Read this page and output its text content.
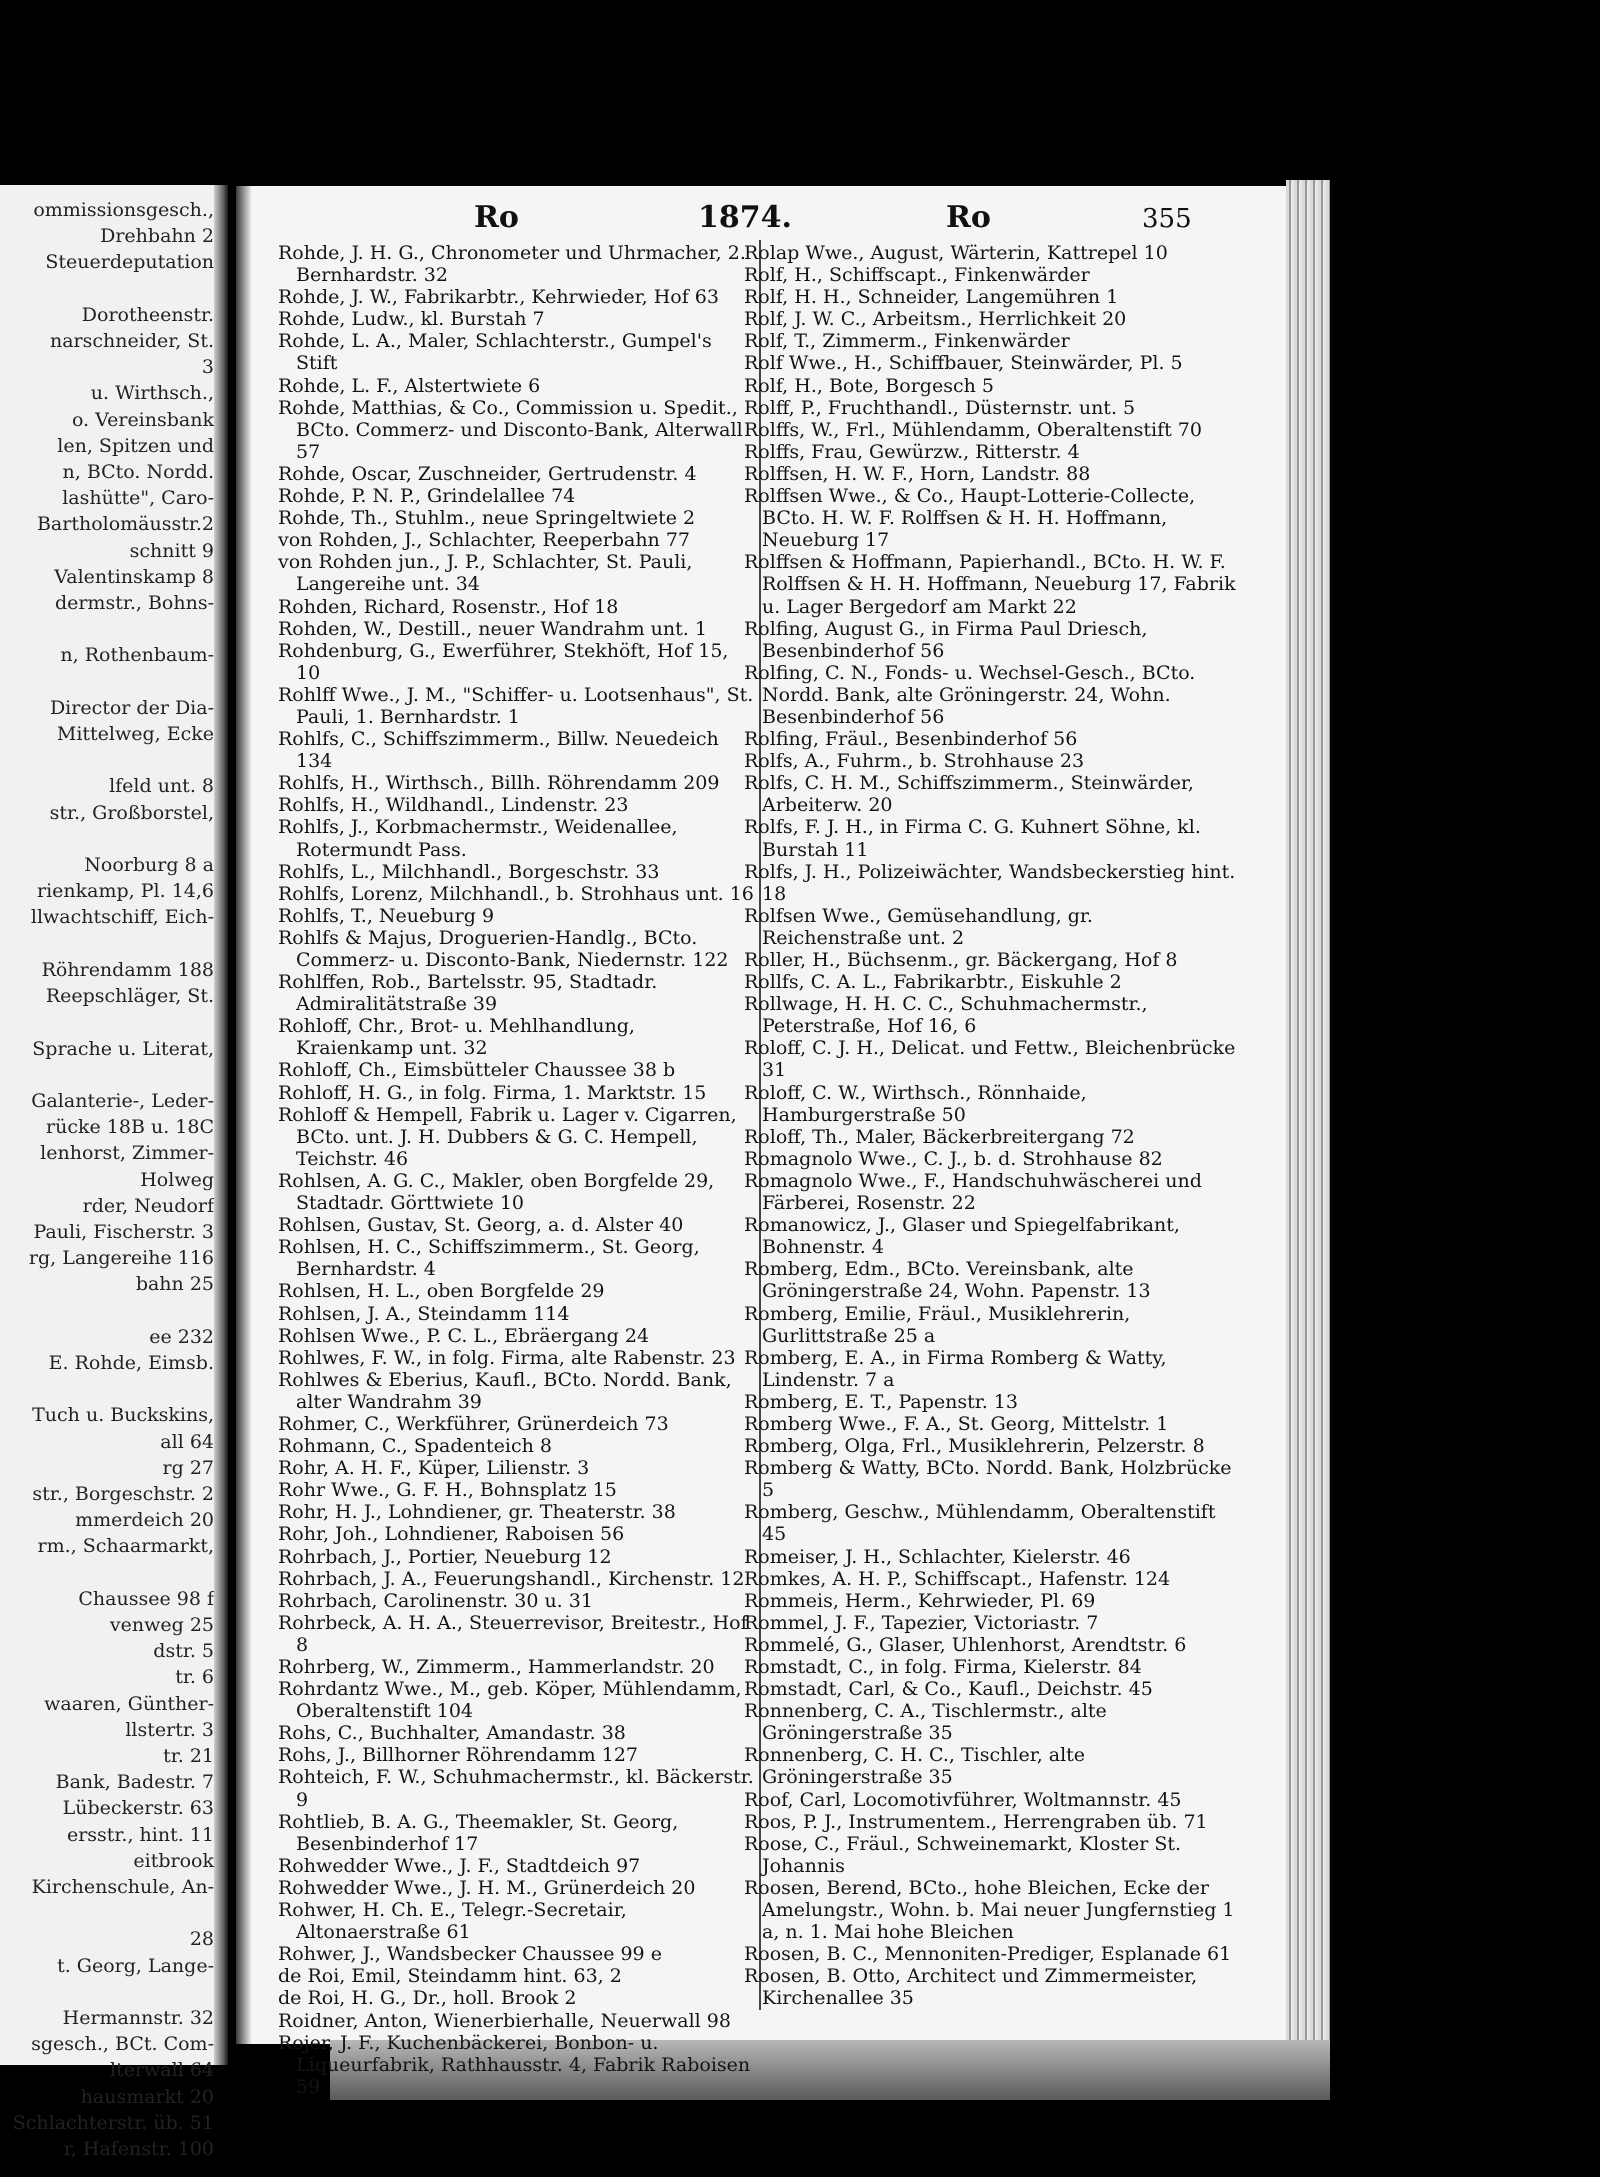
ommissionsgesch.,
Drehbahn 2
Steuerdeputation

Dorotheenstr.
narschneider, St.
3
u. Wirthsch.,
o. Vereinsbank
len, Spitzen und
n, BCto. Nordd.
lashütte", Caro-
Bartholomäusstr.2
schnitt 9
Valentinskamp 8
dermstr., Bohns-

n, Rothenbaum-

Director der Dia-
Mittelweg, Ecke

lfeld unt. 8
str., Großborstel,

Noorburg 8 a
rienkamp, Pl. 14,6
llwachtschiff, Eich-

Röhrendamm 188
Reepschläger, St.

Sprache u. Literat,

Galanterie-, Leder-
rücke 18B u. 18C
lenhorst, Zimmer-
Holweg
rder, Neudorf
Pauli, Fischerstr. 3
rg, Langereihe 116
bahn 25

ee 232
E. Rohde, Eimsb.

Tuch u. Buckskins,
all 64
rg 27
str., Borgeschstr. 2
mmerdeich 20
rm., Schaarmarkt,

Chaussee 98 f
venweg 25
dstr. 5
tr. 6
waaren, Günther-
llstertr. 3
tr. 21
Bank, Badestr. 7
Lübeckerstr. 63
ersstr., hint. 11
eitbrook
Kirchenschule, An-

28
t. Georg, Lange-

Hermannstr. 32
sgesch., BCt. Com-
lterwall 64
hausmarkt 20
Schlachterstr. üb. 51
r, Hafenstr. 100
Ro	1874.	Ro	355
Rohde, J. H. G., Chronometer und Uhrmacher, 2. Bernhardstr. 32
Rohde, J. W., Fabrikarbtr., Kehrwieder, Hof 63
Rohde, Ludw., kl. Burstah 7
Rohde, L. A., Maler, Schlachterstr., Gumpel's Stift
Rohde, L. F., Alstertwiete 6
Rohde, Matthias, & Co., Commission u. Spedit., BCto. Commerz- und Disconto-Bank, Alterwall 57
Rohde, Oscar, Zuschneider, Gertrudenstr. 4
Rohde, P. N. P., Grindelallee 74
Rohde, Th., Stuhlm., neue Springeltwiete 2
von Rohden, J., Schlachter, Reeperbahn 77
von Rohden jun., J. P., Schlachter, St. Pauli, Langereihe unt. 34
Rohden, Richard, Rosenstr., Hof 18
Rohden, W., Destill., neuer Wandrahm unt. 1
Rohdenburg, G., Ewerführer, Stekhöft, Hof 15, 10
Rohlff Wwe., J. M., "Schiffer- u. Lootsenhaus", St. Pauli, 1. Bernhardstr. 1
Rohlfs, C., Schiffszimmerm., Billw. Neuedeich 134
Rohlfs, H., Wirthsch., Billh. Röhrendamm 209
Rohlfs, H., Wildhandl., Lindenstr. 23
Rohlfs, J., Korbmachermstr., Weidenallee, Rotermundt Pass.
Rohlfs, L., Milchhandl., Borgeschstr. 33
Rohlfs, Lorenz, Milchhandl., b. Strohhaus unt. 16
Rohlfs, T., Neueburg 9
Rohlfs & Majus, Droguerien-Handlg., BCto. Commerz- u. Disconto-Bank, Niedernstr. 122
Rohlffen, Rob., Bartelsstr. 95, Stadtadr. Admiralitätstraße 39
Rohloff, Chr., Brot- u. Mehlhandlung, Kraienkamp unt. 32
Rohloff, Ch., Eimsbütteler Chaussee 38 b
Rohloff, H. G., in folg. Firma, 1. Marktstr. 15
Rohloff & Hempell, Fabrik u. Lager v. Cigarren, BCto. unt. J. H. Dubbers & G. C. Hempell, Teichstr. 46
Rohlsen, A. G. C., Makler, oben Borgfelde 29, Stadtadr. Görttwiete 10
Rohlsen, Gustav, St. Georg, a. d. Alster 40
Rohlsen, H. C., Schiffszimmerm., St. Georg, Bernhardstr. 4
Rohlsen, H. L., oben Borgfelde 29
Rohlsen, J. A., Steindamm 114
Rohlsen Wwe., P. C. L., Ebräergang 24
Rohlwes, F. W., in folg. Firma, alte Rabenstr. 23
Rohlwes & Eberius, Kaufl., BCto. Nordd. Bank, alter Wandrahm 39
Rohmer, C., Werkführer, Grünerdeich 73
Rohmann, C., Spadenteich 8
Rohr, A. H. F., Küper, Lilienstr. 3
Rohr Wwe., G. F. H., Bohnsplatz 15
Rohr, H. J., Lohndiener, gr. Theaterstr. 38
Rohr, Joh., Lohndiener, Raboisen 56
Rohrbach, J., Portier, Neueburg 12
Rohrbach, J. A., Feuerungshandl., Kirchenstr. 12
Rohrbach, Carolinenstr. 30 u. 31
Rohrbeck, A. H. A., Steuerrevisor, Breitestr., Hof 8
Rohrberg, W., Zimmerm., Hammerlandstr. 20
Rohrdantz Wwe., M., geb. Köper, Mühlendamm, Oberaltenstift 104
Rohs, C., Buchhalter, Amandastr. 38
Rohs, J., Billhorner Röhrendamm 127
Rohteich, F. W., Schuhmachermstr., kl. Bäckerstr. 9
Rohtlieb, B. A. G., Theemakler, St. Georg, Besenbinderhof 17
Rohwedder Wwe., J. F., Stadtdeich 97
Rohwedder Wwe., J. H. M., Grünerdeich 20
Rohwer, H. Ch. E., Telegr.-Secretair, Altonaerstraße 61
Rohwer, J., Wandsbecker Chaussee 99 e
de Roi, Emil, Steindamm hint. 63, 2
de Roi, H. G., Dr., holl. Brook 2
Roidner, Anton, Wienerbierhalle, Neuerwall 98
Rojer, J. F., Kuchenbäckerei, Bonbon- u. Liqueurfabrik, Rathhausstr. 4, Fabrik Raboisen 59
Rolap Wwe., August, Wärterin, Kattrepel 10
Rolf, H., Schiffscapt., Finkenwärder
Rolf, H. H., Schneider, Langemühren 1
Rolf, J. W. C., Arbeitsm., Herrlichkeit 20
Rolf, T., Zimmerm., Finkenwärder
Rolf Wwe., H., Schiffbauer, Steinwärder, Pl. 5
Rolf, H., Bote, Borgesch 5
Rolff, P., Fruchthandl., Düsternstr. unt. 5
Rolffs, W., Frl., Mühlendamm, Oberaltenstift 70
Rolffs, Frau, Gewürzw., Ritterstr. 4
Rolffsen, H. W. F., Horn, Landstr. 88
Rolffsen Wwe., & Co., Haupt-Lotterie-Collecte, BCto. H. W. F. Rolffsen & H. H. Hoffmann, Neueburg 17
Rolffsen & Hoffmann, Papierhandl., BCto. H. W. F. Rolffsen & H. H. Hoffmann, Neueburg 17, Fabrik u. Lager Bergedorf am Markt 22
Rolfing, August G., in Firma Paul Driesch, Besenbinderhof 56
Rolfing, C. N., Fonds- u. Wechsel-Gesch., BCto. Nordd. Bank, alte Gröningerstr. 24, Wohn. Besenbinderhof 56
Rolfing, Fräul., Besenbinderhof 56
Rolfs, A., Fuhrm., b. Strohhause 23
Rolfs, C. H. M., Schiffszimmerm., Steinwärder, Arbeiterw. 20
Rolfs, F. J. H., in Firma C. G. Kuhnert Söhne, kl. Burstah 11
Rolfs, J. H., Polizeiwächter, Wandsbeckerstieg hint. 18
Rolfsen Wwe., Gemüsehandlung, gr. Reichenstraße unt. 2
Roller, H., Büchsenm., gr. Bäckergang, Hof 8
Rollfs, C. A. L., Fabrikarbtr., Eiskuhle 2
Rollwage, H. H. C. C., Schuhmachermstr., Peterstraße, Hof 16, 6
Roloff, C. J. H., Delicat. und Fettw., Bleichenbrücke 31
Roloff, C. W., Wirthsch., Rönnhaide, Hamburgerstraße 50
Roloff, Th., Maler, Bäckerbreitergang 72
Romagnolo Wwe., C. J., b. d. Strohhause 82
Romagnolo Wwe., F., Handschuhwäscherei und Färberei, Rosenstr. 22
Romanowicz, J., Glaser und Spiegelfabrikant, Bohnenstr. 4
Romberg, Edm., BCto. Vereinsbank, alte Gröningerstraße 24, Wohn. Papenstr. 13
Romberg, Emilie, Fräul., Musiklehrerin, Gurlittstraße 25 a
Romberg, E. A., in Firma Romberg & Watty, Lindenstr. 7 a
Romberg, E. T., Papenstr. 13
Romberg Wwe., F. A., St. Georg, Mittelstr. 1
Romberg, Olga, Frl., Musiklehrerin, Pelzerstr. 8
Romberg & Watty, BCto. Nordd. Bank, Holzbrücke 5
Romberg, Geschw., Mühlendamm, Oberaltenstift 45
Romeiser, J. H., Schlachter, Kielerstr. 46
Romkes, A. H. P., Schiffscapt., Hafenstr. 124
Rommeis, Herm., Kehrwieder, Pl. 69
Rommel, J. F., Tapezier, Victoriastr. 7
Rommelé, G., Glaser, Uhlenhorst, Arendtstr. 6
Romstadt, C., in folg. Firma, Kielerstr. 84
Romstadt, Carl, & Co., Kaufl., Deichstr. 45
Ronnenberg, C. A., Tischlermstr., alte Gröningerstraße 35
Ronnenberg, C. H. C., Tischler, alte Gröningerstraße 35
Roof, Carl, Locomotivführer, Woltmannstr. 45
Roos, P. J., Instrumentem., Herrengraben üb. 71
Roose, C., Fräul., Schweinemarkt, Kloster St. Johannis
Roosen, Berend, BCto., hohe Bleichen, Ecke der Amelungstr., Wohn. b. Mai neuer Jungfernstieg 1 a, n. 1. Mai hohe Bleichen
Roosen, B. C., Mennoniten-Prediger, Esplanade 61
Roosen, B. Otto, Architect und Zimmermeister, Kirchenallee 35
